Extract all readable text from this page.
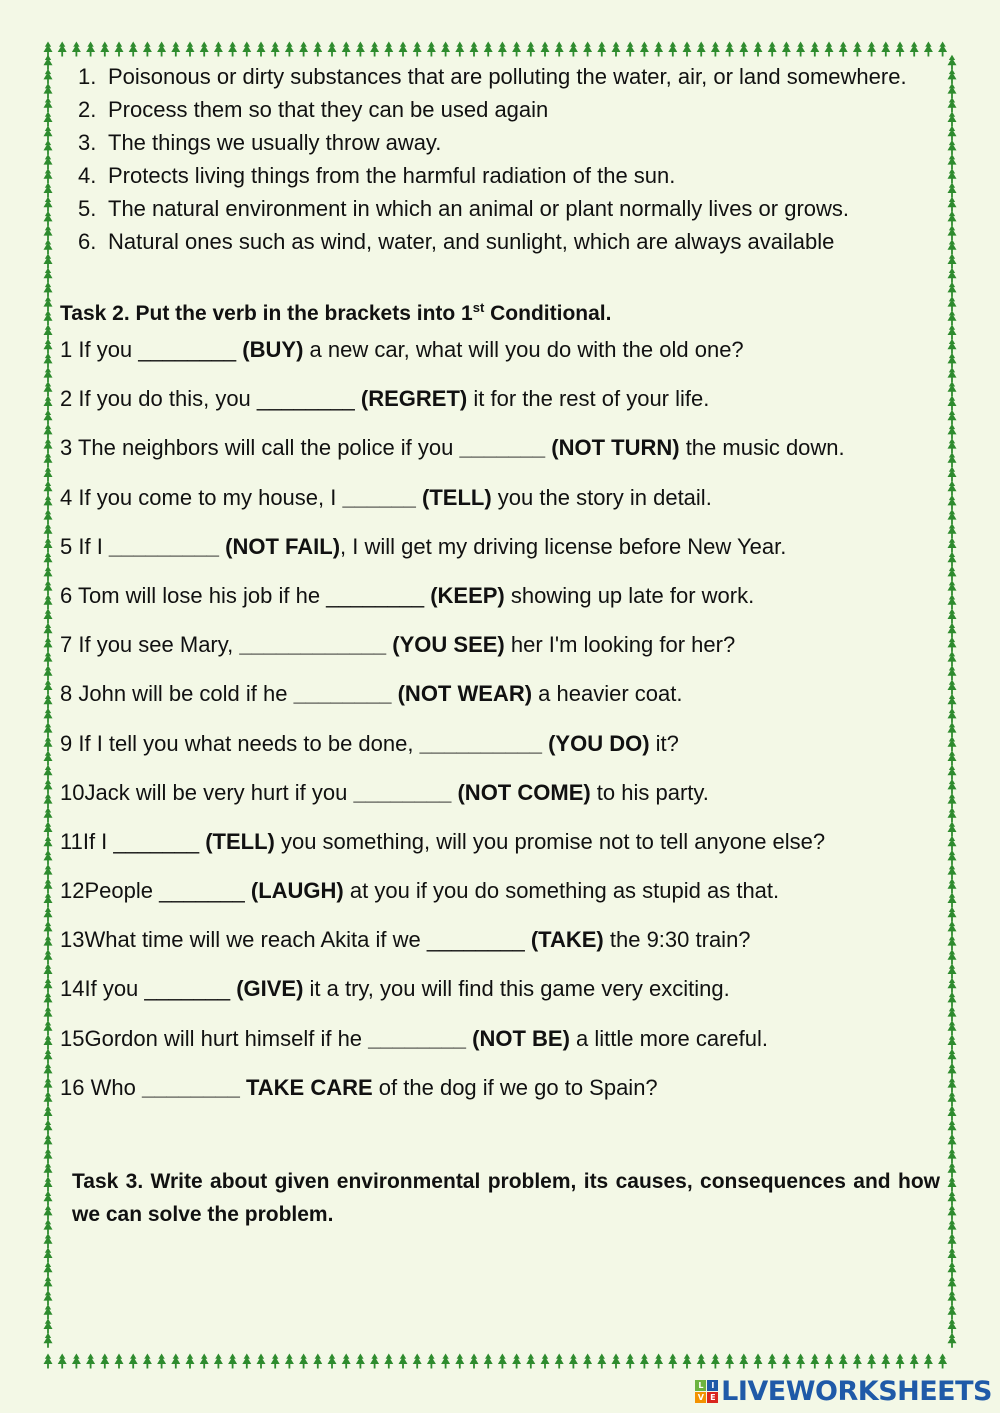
1. Poisonous or dirty substances that are polluting the water, air, or land somewhere.
2. Process them so that they can be used again
3. The things we usually throw away.
4. Protects living things from the harmful radiation of the sun.
5. The natural environment in which an animal or plant normally lives or grows.
6. Natural ones such as wind, water, and sunlight, which are always available
Task 2. Put the verb in the brackets into 1st Conditional.
1 If you ________ (BUY) a new car, what will you do with the old one?
2 If you do this, you ________ (REGRET) it for the rest of your life.
3 The neighbors will call the police if you _______ (NOT TURN) the music down.
4 If you come to my house, I ______ (TELL) you the story in detail.
5 If I _________ (NOT FAIL), I will get my driving license before New Year.
6 Tom will lose his job if he ________ (KEEP) showing up late for work.
7 If you see Mary, ____________ (YOU SEE) her I'm looking for her?
8 John will be cold if he ________ (NOT WEAR) a heavier coat.
9 If I tell you what needs to be done, __________ (YOU DO) it?
10Jack will be very hurt if you ________ (NOT COME) to his party.
11If I _______ (TELL) you something, will you promise not to tell anyone else?
12People _______ (LAUGH) at you if you do something as stupid as that.
13What time will we reach Akita if we ________ (TAKE) the 9:30 train?
14If you _______ (GIVE) it a try, you will find this game very exciting.
15Gordon will hurt himself if he ________ (NOT BE) a little more careful.
16 Who ________ TAKE CARE of the dog if we go to Spain?
Task 3. Write about given environmental problem, its causes, consequences and how we can solve the problem.
L	I
V E LIVEWORKSHEETS
